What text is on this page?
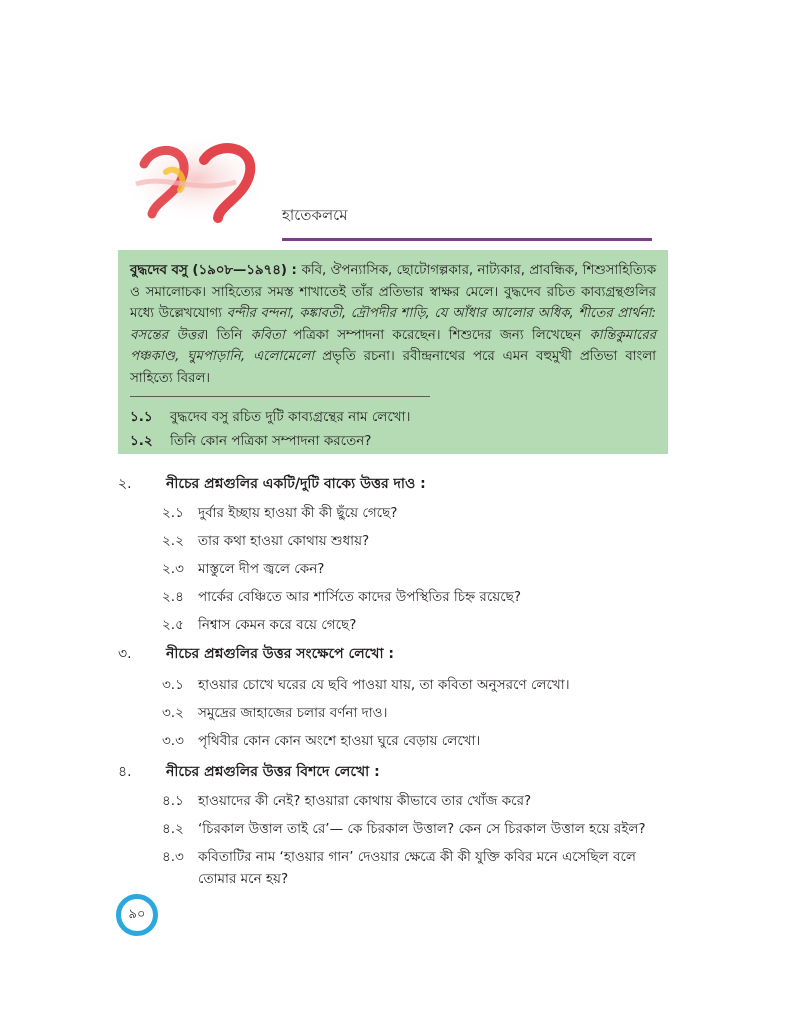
হাতেকলমে

বুদ্ধদেব বসু (১৯০৮—১৯৭৪) : কবি, ঔপন্যাসিক, ছোটোগল্পকার, নাট্যকার, প্রাবন্ধিক, শিশুসাহিত্যিক ও সমালোচক। সাহিত্যের সমস্ত শাখাতেই তাঁর প্রতিভার স্বাক্ষর মেলে। বুদ্ধদেব রচিত কাব্যগ্রন্থগুলির মধ্যে উল্লেখযোগ্য বন্দীর বন্দনা, কঙ্কাবতী, দ্রৌপদীর শাড়ি, যে আঁধার আলোর অধিক, শীতের প্রার্থনা: বসন্তের উত্তর। তিনি কবিতা পত্রিকা সম্পাদনা করেছেন। শিশুদের জন্য লিখেছেন কান্তিকুমারের পঞ্চকাণ্ড, ঘুমপাড়ানি, এলোমেলো প্রভৃতি রচনা। রবীন্দ্রনাথের পরে এমন বহুমুখী প্রতিভা বাংলা সাহিত্যে বিরল।

১.১ বুদ্ধদেব বসু রচিত দুটি কাব্যগ্রন্থের নাম লেখো।
১.২ তিনি কোন পত্রিকা সম্পাদনা করতেন?
২. নীচের প্রশ্নগুলির একটি/দুটি বাক্যে উত্তর দাও :
২.১ দুর্বার ইচ্ছায় হাওয়া কী কী ছুঁয়ে গেছে?
২.২ তার কথা হাওয়া কোথায় শুধায়?
২.৩ মাস্তুলে দীপ জ্বলে কেন?
২.৪ পার্কের বেঞ্চিতে আর শার্সিতে কাদের উপস্থিতির চিহ্ন রয়েছে?
২.৫ নিশ্বাস কেমন করে বয়ে গেছে?
৩. নীচের প্রশ্নগুলির উত্তর সংক্ষেপে লেখো :
৩.১ হাওয়ার চোখে ঘরের যে ছবি পাওয়া যায়, তা কবিতা অনুসরণে লেখো।
৩.২ সমুদ্রের জাহাজের চলার বর্ণনা দাও।
৩.৩ পৃথিবীর কোন কোন অংশে হাওয়া ঘুরে বেড়ায় লেখো।
৪. নীচের প্রশ্নগুলির উত্তর বিশদে লেখো :
৪.১ হাওয়াদের কী নেই? হাওয়ারা কোথায় কীভাবে তার খোঁজ করে?
৪.২ ‘চিরকাল উত্তাল তাই রে’— কে চিরকাল উত্তাল? কেন সে চিরকাল উত্তাল হয়ে রইল?
৪.৩ কবিতাটির নাম ‘হাওয়ার গান’ দেওয়ার ক্ষেত্রে কী কী যুক্তি কবির মনে এসেছিল বলে তোমার মনে হয়?
৯০
